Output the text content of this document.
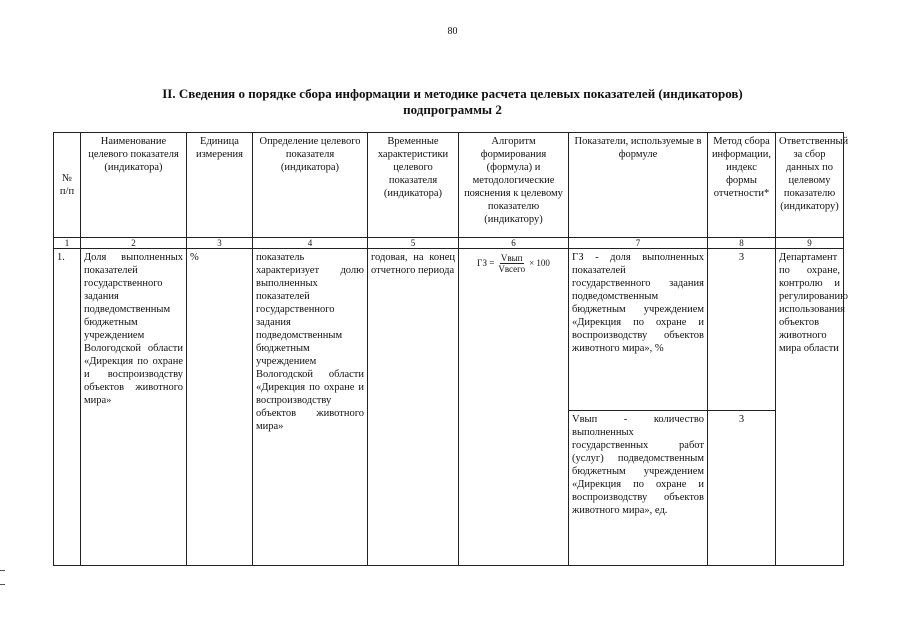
80
II. Сведения о порядке сбора информации и методике расчета целевых показателей (индикаторов)
подпрограммы 2
№ п/п	Наименование целевого показателя (индикатора)	Единица измерения	Определение целевого показателя (индикатора)	Временные характеристики целевого показателя (индикатора)	Алгоритм формирования (формула) и методологические пояснения к целевому показателю (индикатору)	Показатели, используемые в формуле	Метод сбора информации, индекс формы отчетности*	Ответственный за сбор данных по целевому показателю (индикатору)
1	2	3	4	5	6	7	8	9
1.	Доля выполненных показателей государственного задания подведомственным бюджетным учреждением Вологодской области «Дирекция по охране и воспроизводству объектов животного мира»	%	показатель характеризует долю выполненных показателей государственного задания подведомственным бюджетным учреждением Вологодской области «Дирекция по охране и воспроизводству объектов животного мира»	годовая, на конец отчетного периода	ГЗ = $\frac{\text{Vвып}}{\text{Vвсего}} \times 100$	ГЗ - доля выполненных показателей государственного задания подведомственным бюджетным учреждением «Дирекция по охране и воспроизводству объектов животного мира», %	3	Департамент по охране, контролю и регулированию использования объектов животного мира области
						Vвып - количество выполненных государственных работ (услуг) подведомственным бюджетным учреждением «Дирекция по охране и воспроизводству объектов животного мира», ед.	3	
